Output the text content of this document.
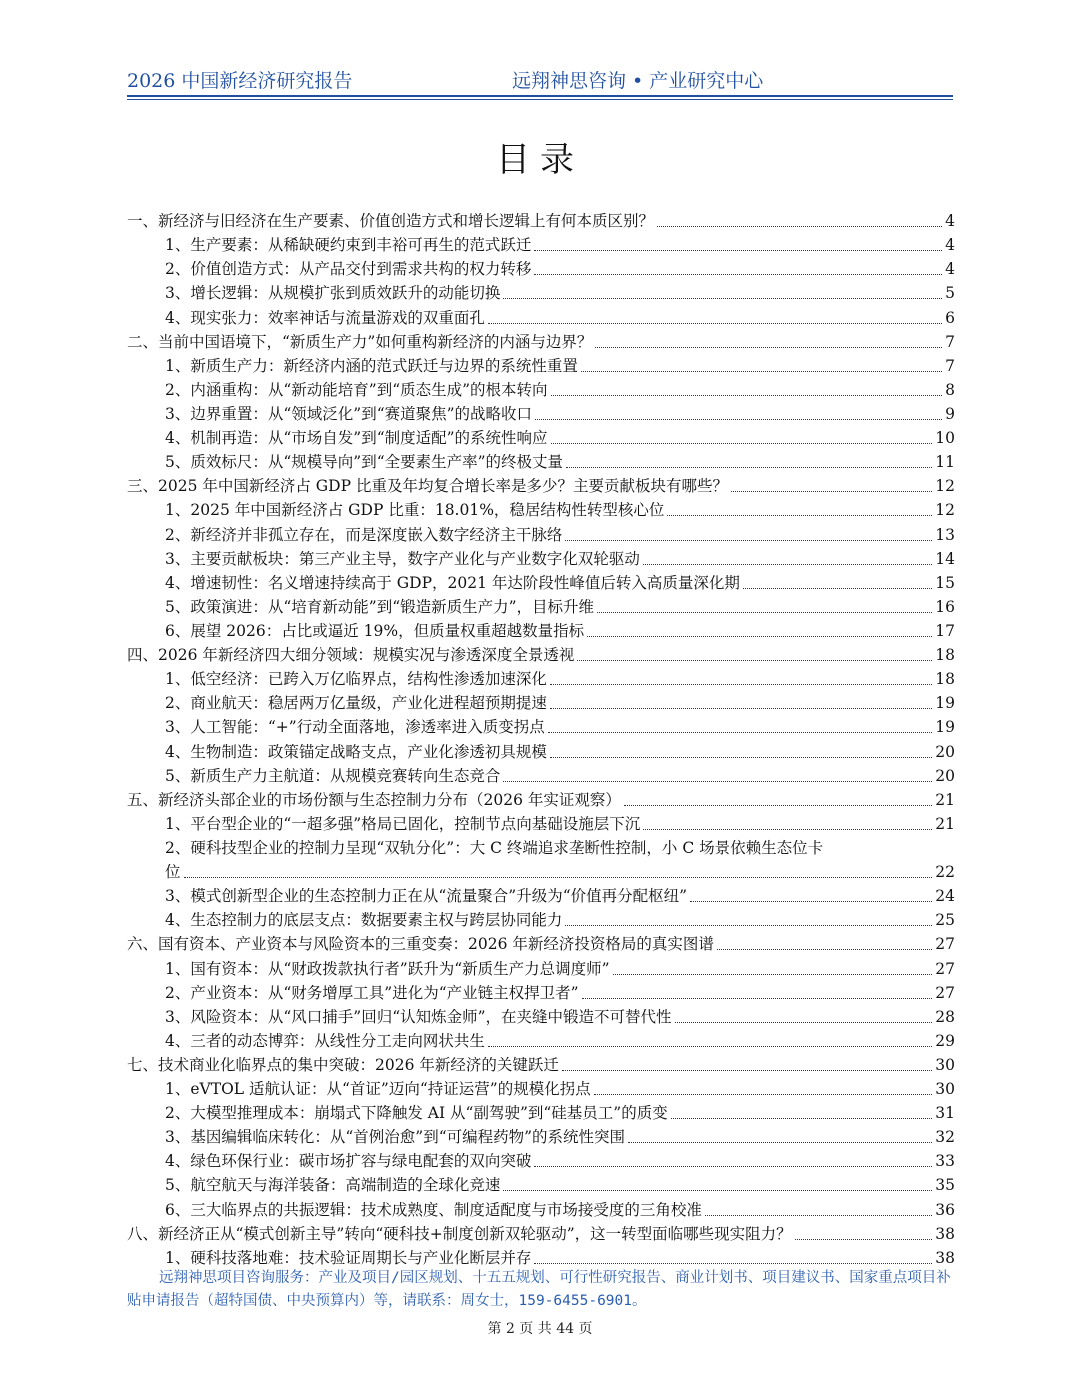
2026 中国新经济研究报告	远翔神思咨询 • 产业研究中心
目录
一、新经济与旧经济在生产要素、价值创造方式和增长逻辑上有何本质区别？	4
1、生产要素：从稀缺硬约束到丰裕可再生的范式跃迁	4
2、价值创造方式：从产品交付到需求共构的权力转移	4
3、增长逻辑：从规模扩张到质效跃升的动能切换	5
4、现实张力：效率神话与流量游戏的双重面孔	6
二、当前中国语境下，“新质生产力”如何重构新经济的内涵与边界？	7
1、新质生产力：新经济内涵的范式跃迁与边界的系统性重置	7
2、内涵重构：从“新动能培育”到“质态生成”的根本转向	8
3、边界重置：从“领域泛化”到“赛道聚焦”的战略收口	9
4、机制再造：从“市场自发”到“制度适配”的系统性响应	10
5、质效标尺：从“规模导向”到“全要素生产率”的终极丈量	11
三、2025 年中国新经济占 GDP 比重及年均复合增长率是多少？主要贡献板块有哪些？	12
1、2025 年中国新经济占 GDP 比重：18.01%，稳居结构性转型核心位	12
2、新经济并非孤立存在，而是深度嵌入数字经济主干脉络	13
3、主要贡献板块：第三产业主导，数字产业化与产业数字化双轮驱动	14
4、增速韧性：名义增速持续高于 GDP，2021 年达阶段性峰值后转入高质量深化期	15
5、政策演进：从“培育新动能”到“锻造新质生产力”，目标升维	16
6、展望 2026：占比或逼近 19%，但质量权重超越数量指标	17
四、2026 年新经济四大细分领域：规模实况与渗透深度全景透视	18
1、低空经济：已跨入万亿临界点，结构性渗透加速深化	18
2、商业航天：稳居两万亿量级，产业化进程超预期提速	19
3、人工智能：“+”行动全面落地，渗透率进入质变拐点	19
4、生物制造：政策锚定战略支点，产业化渗透初具规模	20
5、新质生产力主航道：从规模竞赛转向生态竞合	20
五、新经济头部企业的市场份额与生态控制力分布（2026 年实证观察）	21
1、平台型企业的“一超多强”格局已固化，控制节点向基础设施层下沉	21
2、硬科技型企业的控制力呈现“双轨分化”：大 C 终端追求垄断性控制，小 C 场景依赖生态位卡
位	22
3、模式创新型企业的生态控制力正在从“流量聚合”升级为“价值再分配枢纽”	24
4、生态控制力的底层支点：数据要素主权与跨层协同能力	25
六、国有资本、产业资本与风险资本的三重变奏：2026 年新经济投资格局的真实图谱	27
1、国有资本：从“财政拨款执行者”跃升为“新质生产力总调度师”	27
2、产业资本：从“财务增厚工具”进化为“产业链主权捍卫者”	27
3、风险资本：从“风口捕手”回归“认知炼金师”，在夹缝中锻造不可替代性	28
4、三者的动态博弈：从线性分工走向网状共生	29
七、技术商业化临界点的集中突破：2026 年新经济的关键跃迁	30
1、eVTOL 适航认证：从“首证”迈向“持证运营”的规模化拐点	30
2、大模型推理成本：崩塌式下降触发 AI 从“副驾驶”到“硅基员工”的质变	31
3、基因编辑临床转化：从“首例治愈”到“可编程药物”的系统性突围	32
4、绿色环保行业：碳市场扩容与绿电配套的双向突破	33
5、航空航天与海洋装备：高端制造的全球化竞速	35
6、三大临界点的共振逻辑：技术成熟度、制度适配度与市场接受度的三角校准	36
八、新经济正从“模式创新主导”转向“硬科技+制度创新双轮驱动”，这一转型面临哪些现实阻力？	38
1、硬科技落地难：技术验证周期长与产业化断层并存	38
远翔神思项目咨询服务：产业及项目/园区规划、十五五规划、可行性研究报告、商业计划书、项目建议书、国家重点项目补贴申请报告（超特国债、中央预算内）等，请联系：周女士，159-6455-6901。
第 2 页 共 44 页
